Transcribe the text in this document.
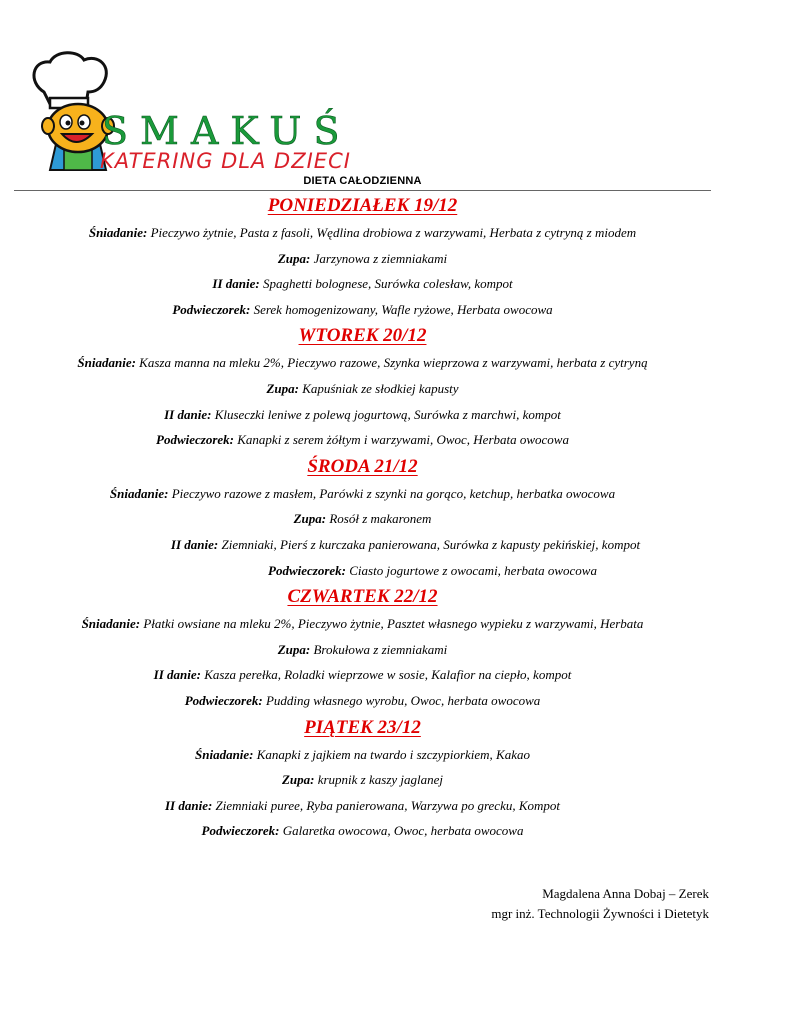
SMAKUŚ
KATERING DLA DZIECI
DIETA CAŁODZIENNA
PONIEDZIAŁEK 19/12
Śniadanie: Pieczywo żytnie, Pasta z fasoli, Wędlina drobiowa z warzywami, Herbata z cytryną z miodem
Zupa: Jarzynowa z ziemniakami
II danie: Spaghetti bolognese, Surówka colesław, kompot
Podwieczorek: Serek homogenizowany, Wafle ryżowe, Herbata owocowa
WTOREK 20/12
Śniadanie: Kasza manna na mleku 2%, Pieczywo razowe, Szynka wieprzowa z warzywami, herbata z cytryną
Zupa: Kapuśniak ze słodkiej kapusty
II danie: Kluseczki leniwe z polewą jogurtową, Surówka z marchwi, kompot
Podwieczorek: Kanapki z serem żółtym i warzywami, Owoc, Herbata owocowa
ŚRODA 21/12
Śniadanie: Pieczywo razowe z masłem, Parówki z szynki na gorąco, ketchup, herbatka owocowa
Zupa: Rosół z makaronem
II danie: Ziemniaki, Pierś z kurczaka panierowana, Surówka z kapusty pekińskiej, kompot
Podwieczorek: Ciasto jogurtowe z owocami, herbata owocowa
CZWARTEK 22/12
Śniadanie: Płatki owsiane na mleku 2%, Pieczywo żytnie, Pasztet własnego wypieku z warzywami, Herbata
Zupa: Brokułowa z ziemniakami
II danie: Kasza perełka, Roladki wieprzowe w sosie, Kalafior na ciepło, kompot
Podwieczorek: Pudding własnego wyrobu, Owoc, herbata owocowa
PIĄTEK 23/12
Śniadanie: Kanapki z jajkiem na twardo i szczypiorkiem, Kakao
Zupa: krupnik z kaszy jaglanej
II danie: Ziemniaki puree, Ryba panierowana, Warzywa po grecku, Kompot
Podwieczorek: Galaretka owocowa, Owoc, herbata owocowa
Magdalena Anna Dobaj – Zerek
mgr inż. Technologii Żywności i Dietetyk
